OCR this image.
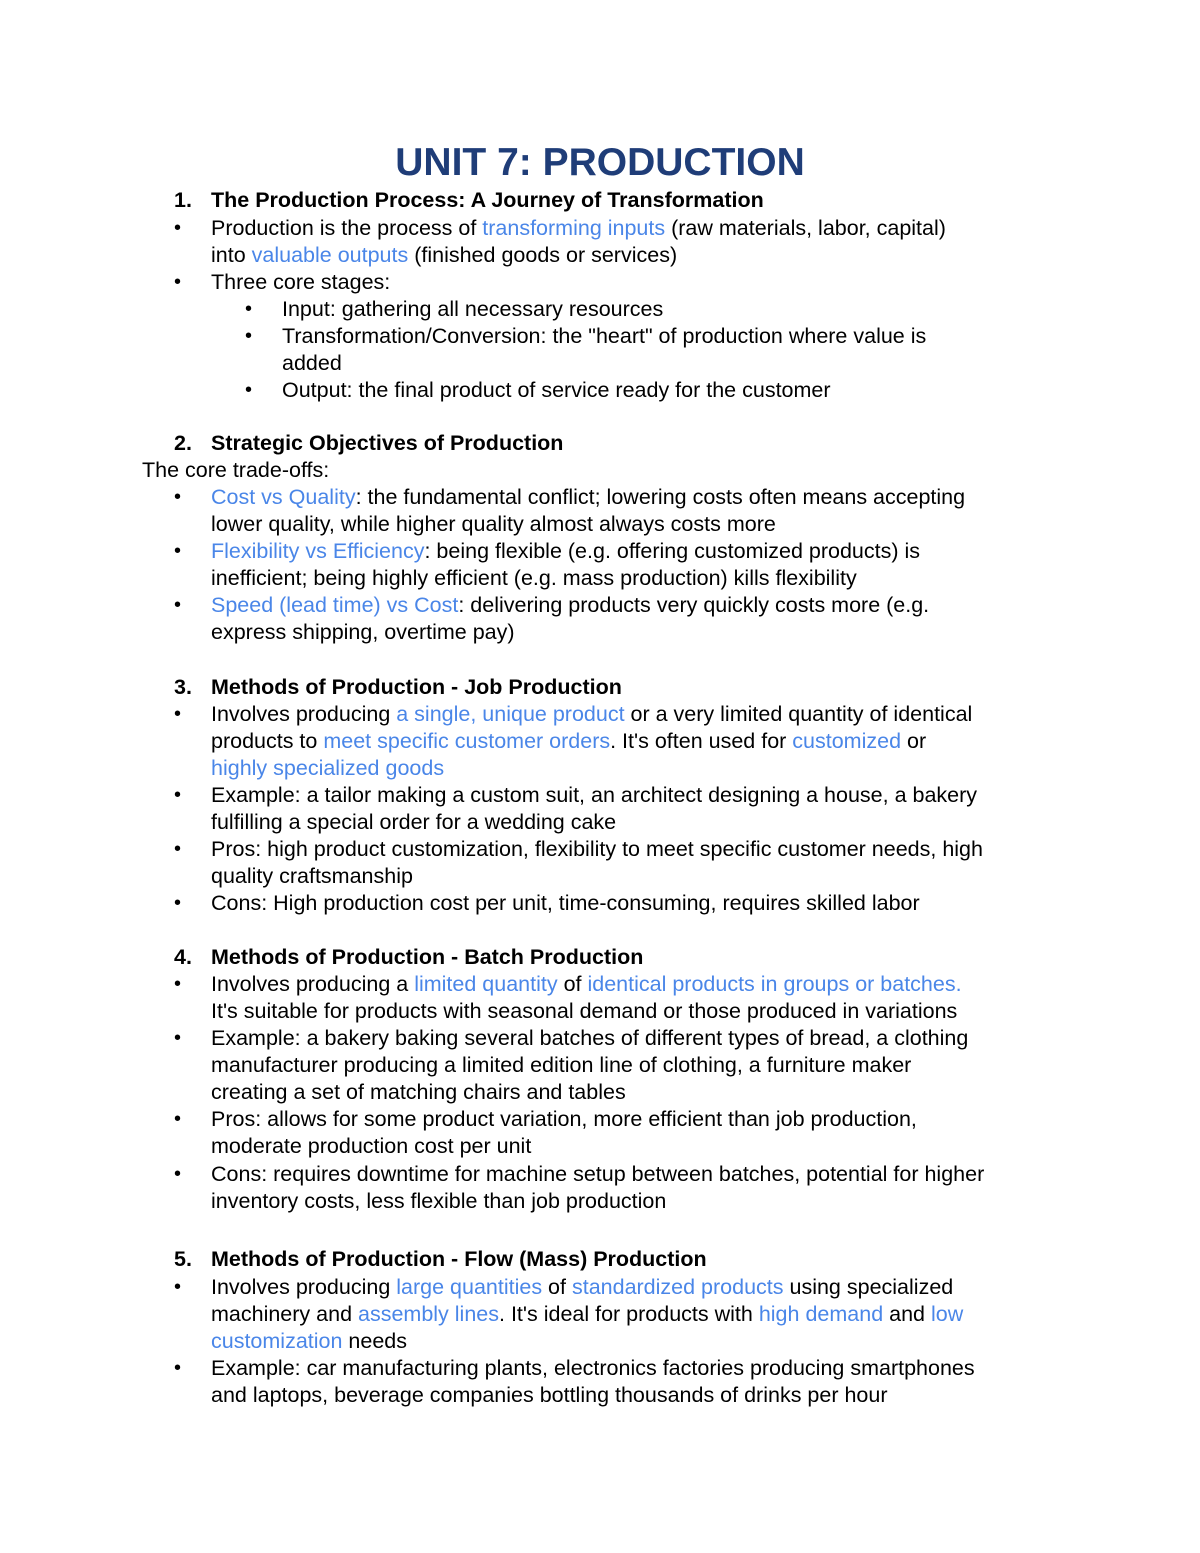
UNIT 7: PRODUCTION
1. The Production Process: A Journey of Transformation
• Production is the process of transforming inputs (raw materials, labor, capital)
into valuable outputs (finished goods or services)
• Three core stages:
• Input: gathering all necessary resources
• Transformation/Conversion: the "heart" of production where value is
added
• Output: the final product of service ready for the customer
2. Strategic Objectives of Production
The core trade-offs:
• Cost vs Quality: the fundamental conflict; lowering costs often means accepting
lower quality, while higher quality almost always costs more
• Flexibility vs Efficiency: being flexible (e.g. offering customized products) is
inefficient; being highly efficient (e.g. mass production) kills flexibility
• Speed (lead time) vs Cost: delivering products very quickly costs more (e.g.
express shipping, overtime pay)
3. Methods of Production - Job Production
• Involves producing a single, unique product or a very limited quantity of identical
products to meet specific customer orders. It's often used for customized or
highly specialized goods
• Example: a tailor making a custom suit, an architect designing a house, a bakery
fulfilling a special order for a wedding cake
• Pros: high product customization, flexibility to meet specific customer needs, high
quality craftsmanship
• Cons: High production cost per unit, time-consuming, requires skilled labor
4. Methods of Production - Batch Production
• Involves producing a limited quantity of identical products in groups or batches.
It's suitable for products with seasonal demand or those produced in variations
• Example: a bakery baking several batches of different types of bread, a clothing
manufacturer producing a limited edition line of clothing, a furniture maker
creating a set of matching chairs and tables
• Pros: allows for some product variation, more efficient than job production,
moderate production cost per unit
• Cons: requires downtime for machine setup between batches, potential for higher
inventory costs, less flexible than job production
5. Methods of Production - Flow (Mass) Production
• Involves producing large quantities of standardized products using specialized
machinery and assembly lines. It's ideal for products with high demand and low
customization needs
• Example: car manufacturing plants, electronics factories producing smartphones
and laptops, beverage companies bottling thousands of drinks per hour
